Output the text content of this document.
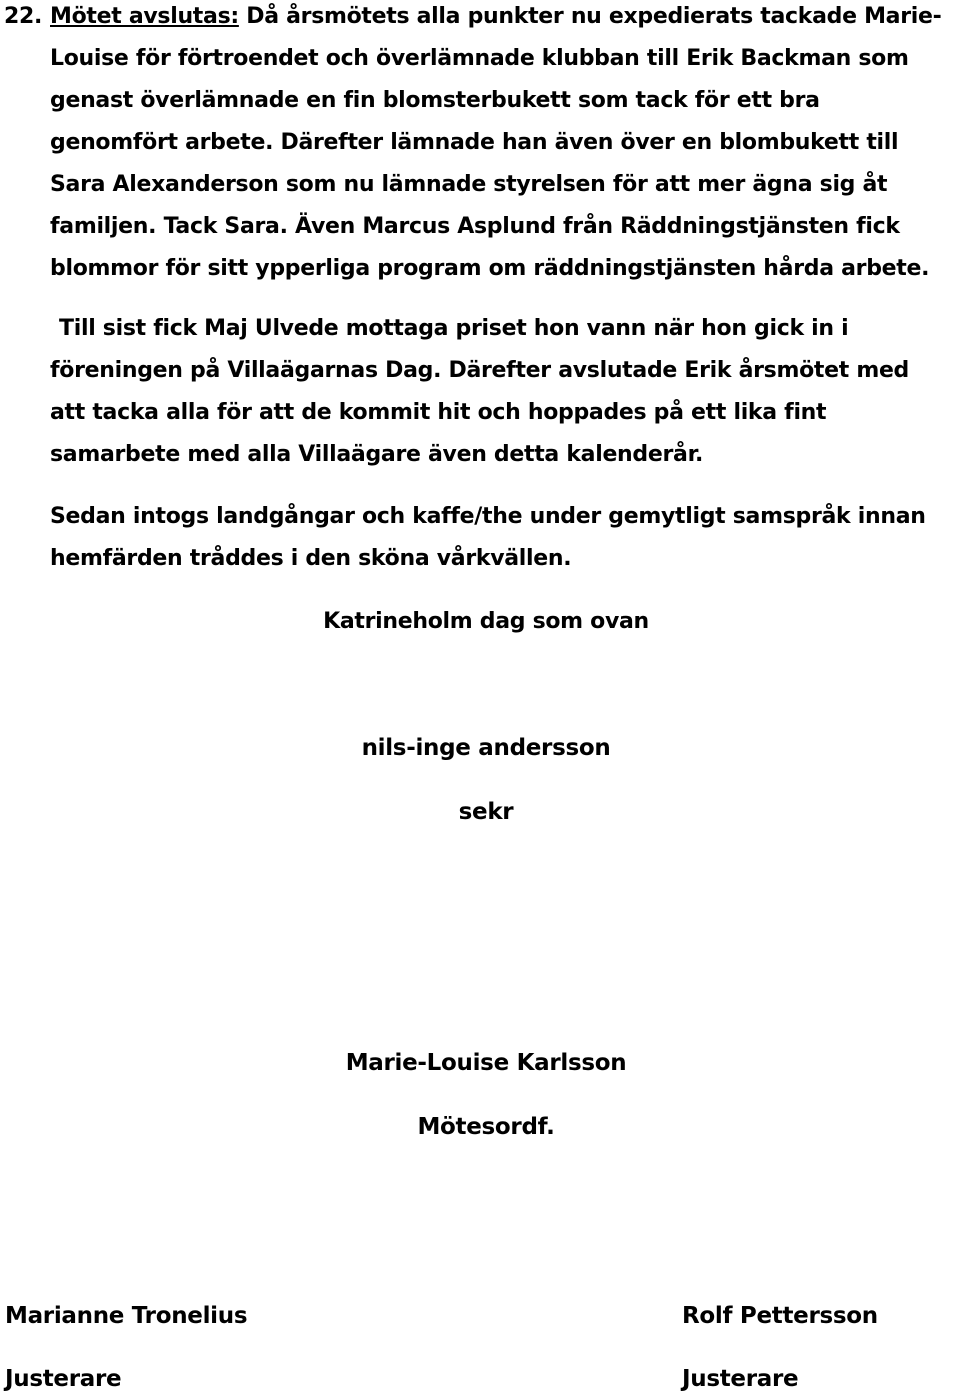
22. Mötet avslutas: Då årsmötets alla punkter nu expedierats tackade Marie-Louise för förtroendet och överlämnade klubban till Erik Backman som genast överlämnade en fin blomsterbukett som tack för ett bra genomfört arbete. Därefter lämnade han även över en blombukett till Sara Alexanderson som nu lämnade styrelsen för att mer ägna sig åt familjen. Tack Sara. Även Marcus Asplund från Räddningstjänsten fick blommor för sitt ypperliga program om räddningstjänsten hårda arbete.

Till sist fick Maj Ulvede mottaga priset hon vann när hon gick in i föreningen på Villaägarnas Dag. Därefter avslutade Erik årsmötet med att tacka alla för att de kommit hit och hoppades på ett lika fint samarbete med alla Villaägare även detta kalenderår.

Sedan intogs landgångar och kaffe/the under gemytligt samspråk innan hemfärden tråddes i den sköna vårkvällen.

Katrineholm dag som ovan

nils-inge andersson

sekr

Marie-Louise Karlsson

Mötesordf.

Marianne Tronelius

Justerare

Rolf Pettersson

Justerare
